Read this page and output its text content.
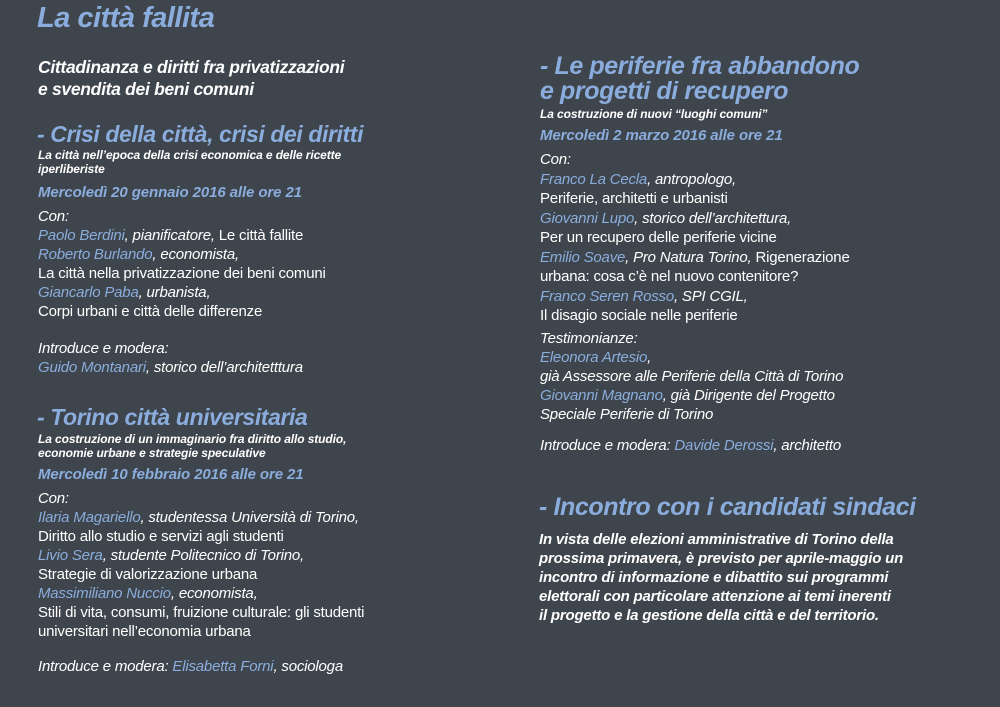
La città fallita
Cittadinanza e diritti fra privatizzazioni
e svendita dei beni comuni
- Crisi della città, crisi dei diritti
La città nell’epoca della crisi economica e delle ricette
iperliberiste
Mercoledì 20 gennaio 2016 alle ore 21
Con:
Paolo Berdini, pianificatore, Le città fallite
Roberto Burlando, economista,
La città nella privatizzazione dei beni comuni
Giancarlo Paba, urbanista,
Corpi urbani e città delle differenze
Introduce e modera:
Guido Montanari, storico dell’architetttura
- Torino città universitaria
La costruzione di un immaginario fra diritto allo studio,
economie urbane e strategie speculative
Mercoledì 10 febbraio 2016 alle ore 21
Con:
Ilaria Magariello, studentessa Università di Torino,
Diritto allo studio e servizi agli studenti
Livio Sera, studente Politecnico di Torino,
Strategie di valorizzazione urbana
Massimiliano Nuccio, economista,
Stili di vita, consumi, fruizione culturale: gli studenti
universitari nell’economia urbana
Introduce e modera: Elisabetta Forni, sociologa
- Le periferie fra abbandono
e progetti di recupero
La costruzione di nuovi “luoghi comuni”
Mercoledì 2 marzo 2016 alle ore 21
Con:
Franco La Cecla, antropologo,
Periferie, architetti e urbanisti
Giovanni Lupo, storico dell’architettura,
Per un recupero delle periferie vicine
Emilio Soave, Pro Natura Torino, Rigenerazione
urbana: cosa c’è nel nuovo contenitore?
Franco Seren Rosso, SPI CGIL,
Il disagio sociale nelle periferie
Testimonianze:
Eleonora Artesio,
già Assessore alle Periferie della Città di Torino
Giovanni Magnano, già Dirigente del Progetto
Speciale Periferie di Torino
Introduce e modera: Davide Derossi, architetto
- Incontro con i candidati sindaci
In vista delle elezioni amministrative di Torino della
prossima primavera, è previsto per aprile-maggio un
incontro di informazione e dibattito sui programmi
elettorali con particolare attenzione ai temi inerenti
il progetto e la gestione della città e del territorio.
